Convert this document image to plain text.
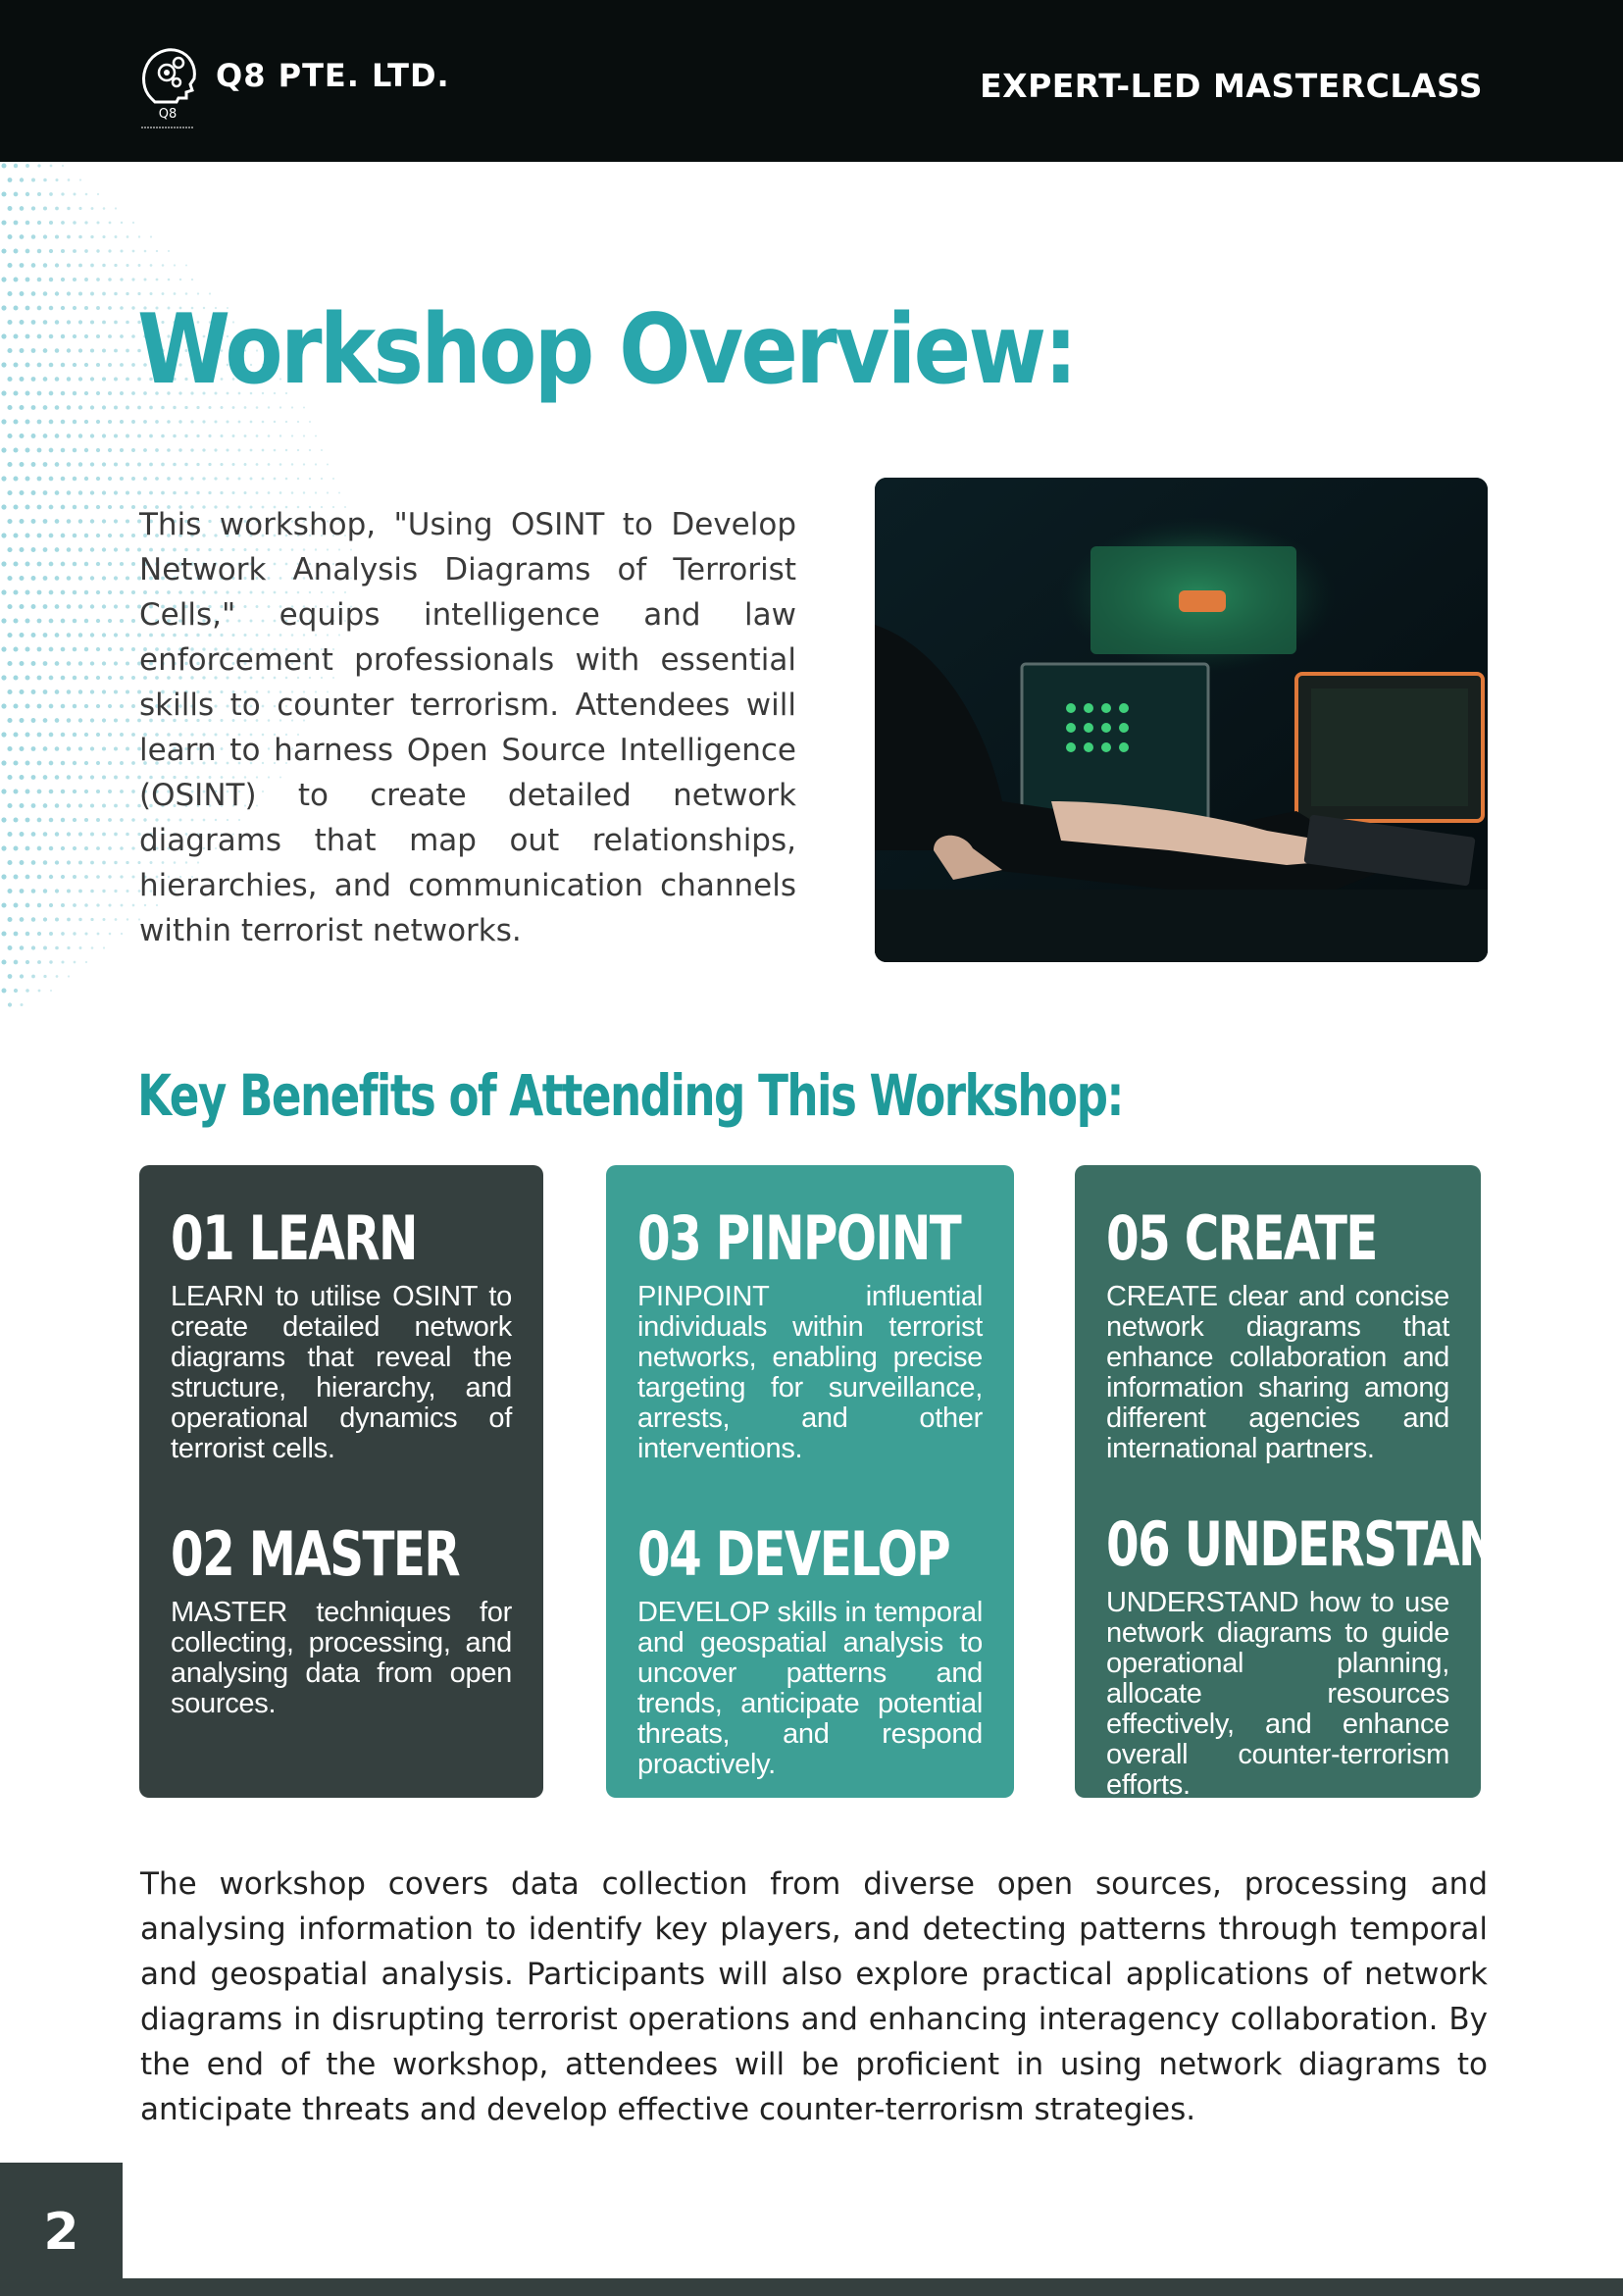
Q8
Q8 PTE. LTD.	EXPERT-LED MASTERCLASS
Workshop Overview:

This workshop, "Using OSINT to Develop Network Analysis Diagrams of Terrorist Cells," equips intelligence and law enforcement professionals with essential skills to counter terrorism. Attendees will learn to harness Open Source Intelligence (OSINT) to create detailed network diagrams that map out relationships, hierarchies, and communication channels within terrorist networks.

Key Benefits of Attending This Workshop:
01 LEARN

LEARN to utilise OSINT to create detailed network diagrams that reveal the structure, hierarchy, and operational dynamics of terrorist cells.

02 MASTER

MASTER techniques for collecting, processing, and analysing data from open sources.

03 PINPOINT

PINPOINT influential individuals within terrorist networks, enabling precise targeting for surveillance, arrests, and other interventions.

04 DEVELOP

DEVELOP skills in temporal and geospatial analysis to uncover patterns and trends, anticipate potential threats, and respond proactively.

05 CREATE

CREATE clear and concise network diagrams that enhance collaboration and information sharing among different agencies and international partners.

06 UNDERSTAND

UNDERSTAND how to use network diagrams to guide operational planning, allocate resources effectively, and enhance overall counter-terrorism efforts.

The workshop covers data collection from diverse open sources, processing and analysing information to identify key players, and detecting patterns through temporal and geospatial analysis. Participants will also explore practical applications of network diagrams in disrupting terrorist operations and enhancing interagency collaboration. By the end of the workshop, attendees will be proficient in using network diagrams to anticipate threats and develop effective counter-terrorism strategies.

2
